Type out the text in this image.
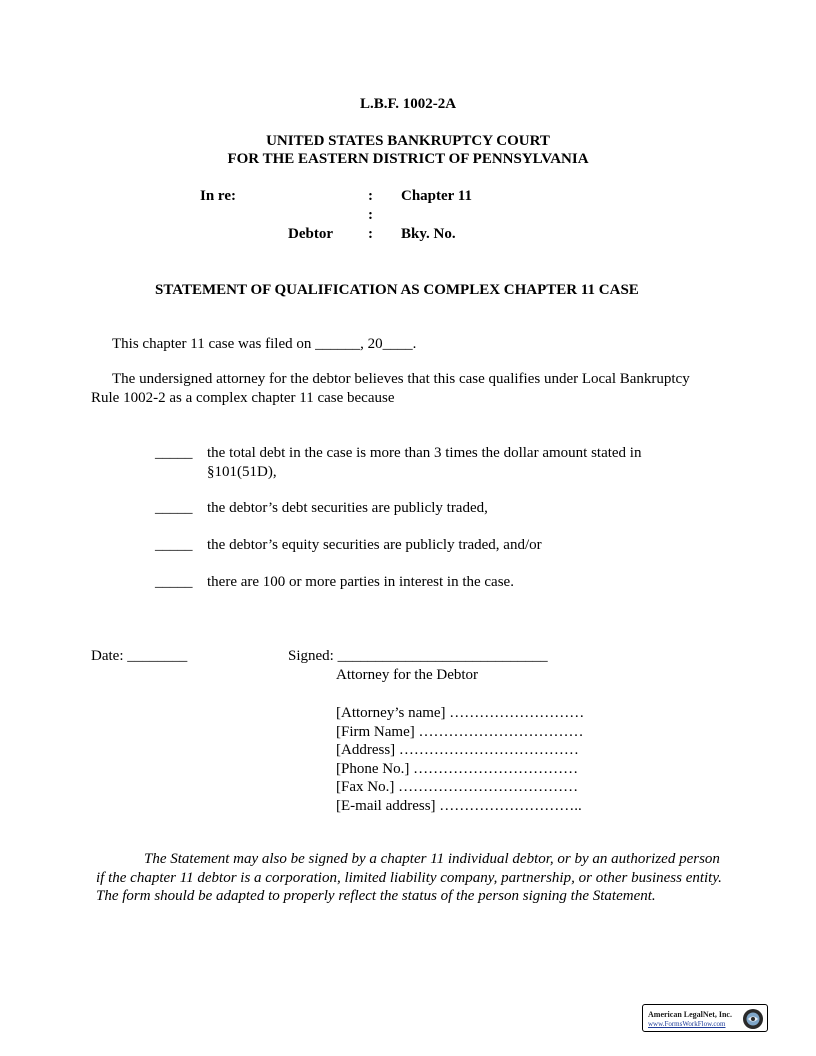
L.B.F. 1002-2A
UNITED STATES BANKRUPTCY COURT
FOR THE EASTERN DISTRICT OF PENNSYLVANIA
In re:	: Chapter 11
:
Debtor : Bky. No.
STATEMENT OF QUALIFICATION AS COMPLEX CHAPTER 11 CASE
This chapter 11 case was filed on ______, 20____.
The undersigned attorney for the debtor believes that this case qualifies under Local Bankruptcy
Rule 1002-2 as a complex chapter 11 case because
_____ the total debt in the case is more than 3 times the dollar amount stated in
§101(51D),
_____ the debtor’s debt securities are publicly traded,
_____ the debtor’s equity securities are publicly traded, and/or
_____ there are 100 or more parties in interest in the case.
Date: ________	Signed: ____________________________
Attorney for the Debtor
[Attorney’s name] ………………………
[Firm Name] ……………………………
[Address] ………………………………
[Phone No.] ……………………………
[Fax No.] ………………………………
[E-mail address] ………………………..
The Statement may also be signed by a chapter 11 individual debtor, or by an authorized person if the chapter 11 debtor is a corporation, limited liability company, partnership, or other business entity. The form should be adapted to properly reflect the status of the person signing the Statement.
American LegalNet, Inc.
www.FormsWorkFlow.com
